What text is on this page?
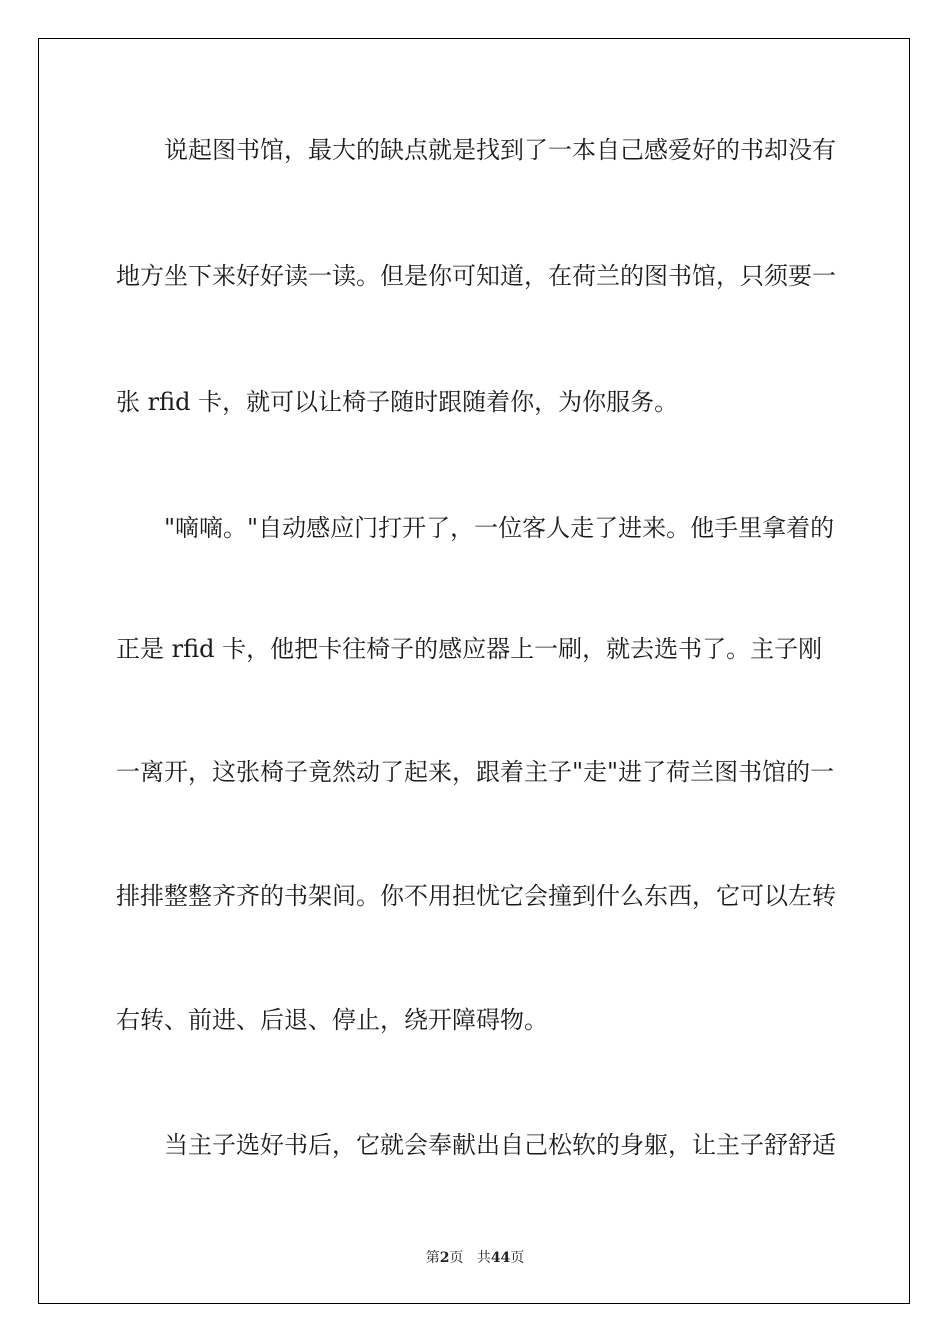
说起图书馆，最大的缺点就是找到了一本自己感爱好的书却没有
地方坐下来好好读一读。但是你可知道，在荷兰的图书馆，只须要一
张 rfid 卡，就可以让椅子随时跟随着你，为你服务。
"嘀嘀。"自动感应门打开了，一位客人走了进来。他手里拿着的
正是 rfid 卡，他把卡往椅子的感应器上一刷，就去选书了。主子刚
一离开，这张椅子竟然动了起来，跟着主子"走"进了荷兰图书馆的一
排排整整齐齐的书架间。你不用担忧它会撞到什么东西，它可以左转
右转、前进、后退、停止，绕开障碍物。
当主子选好书后，它就会奉献出自己松软的身躯，让主子舒舒适
第2页 共44页
